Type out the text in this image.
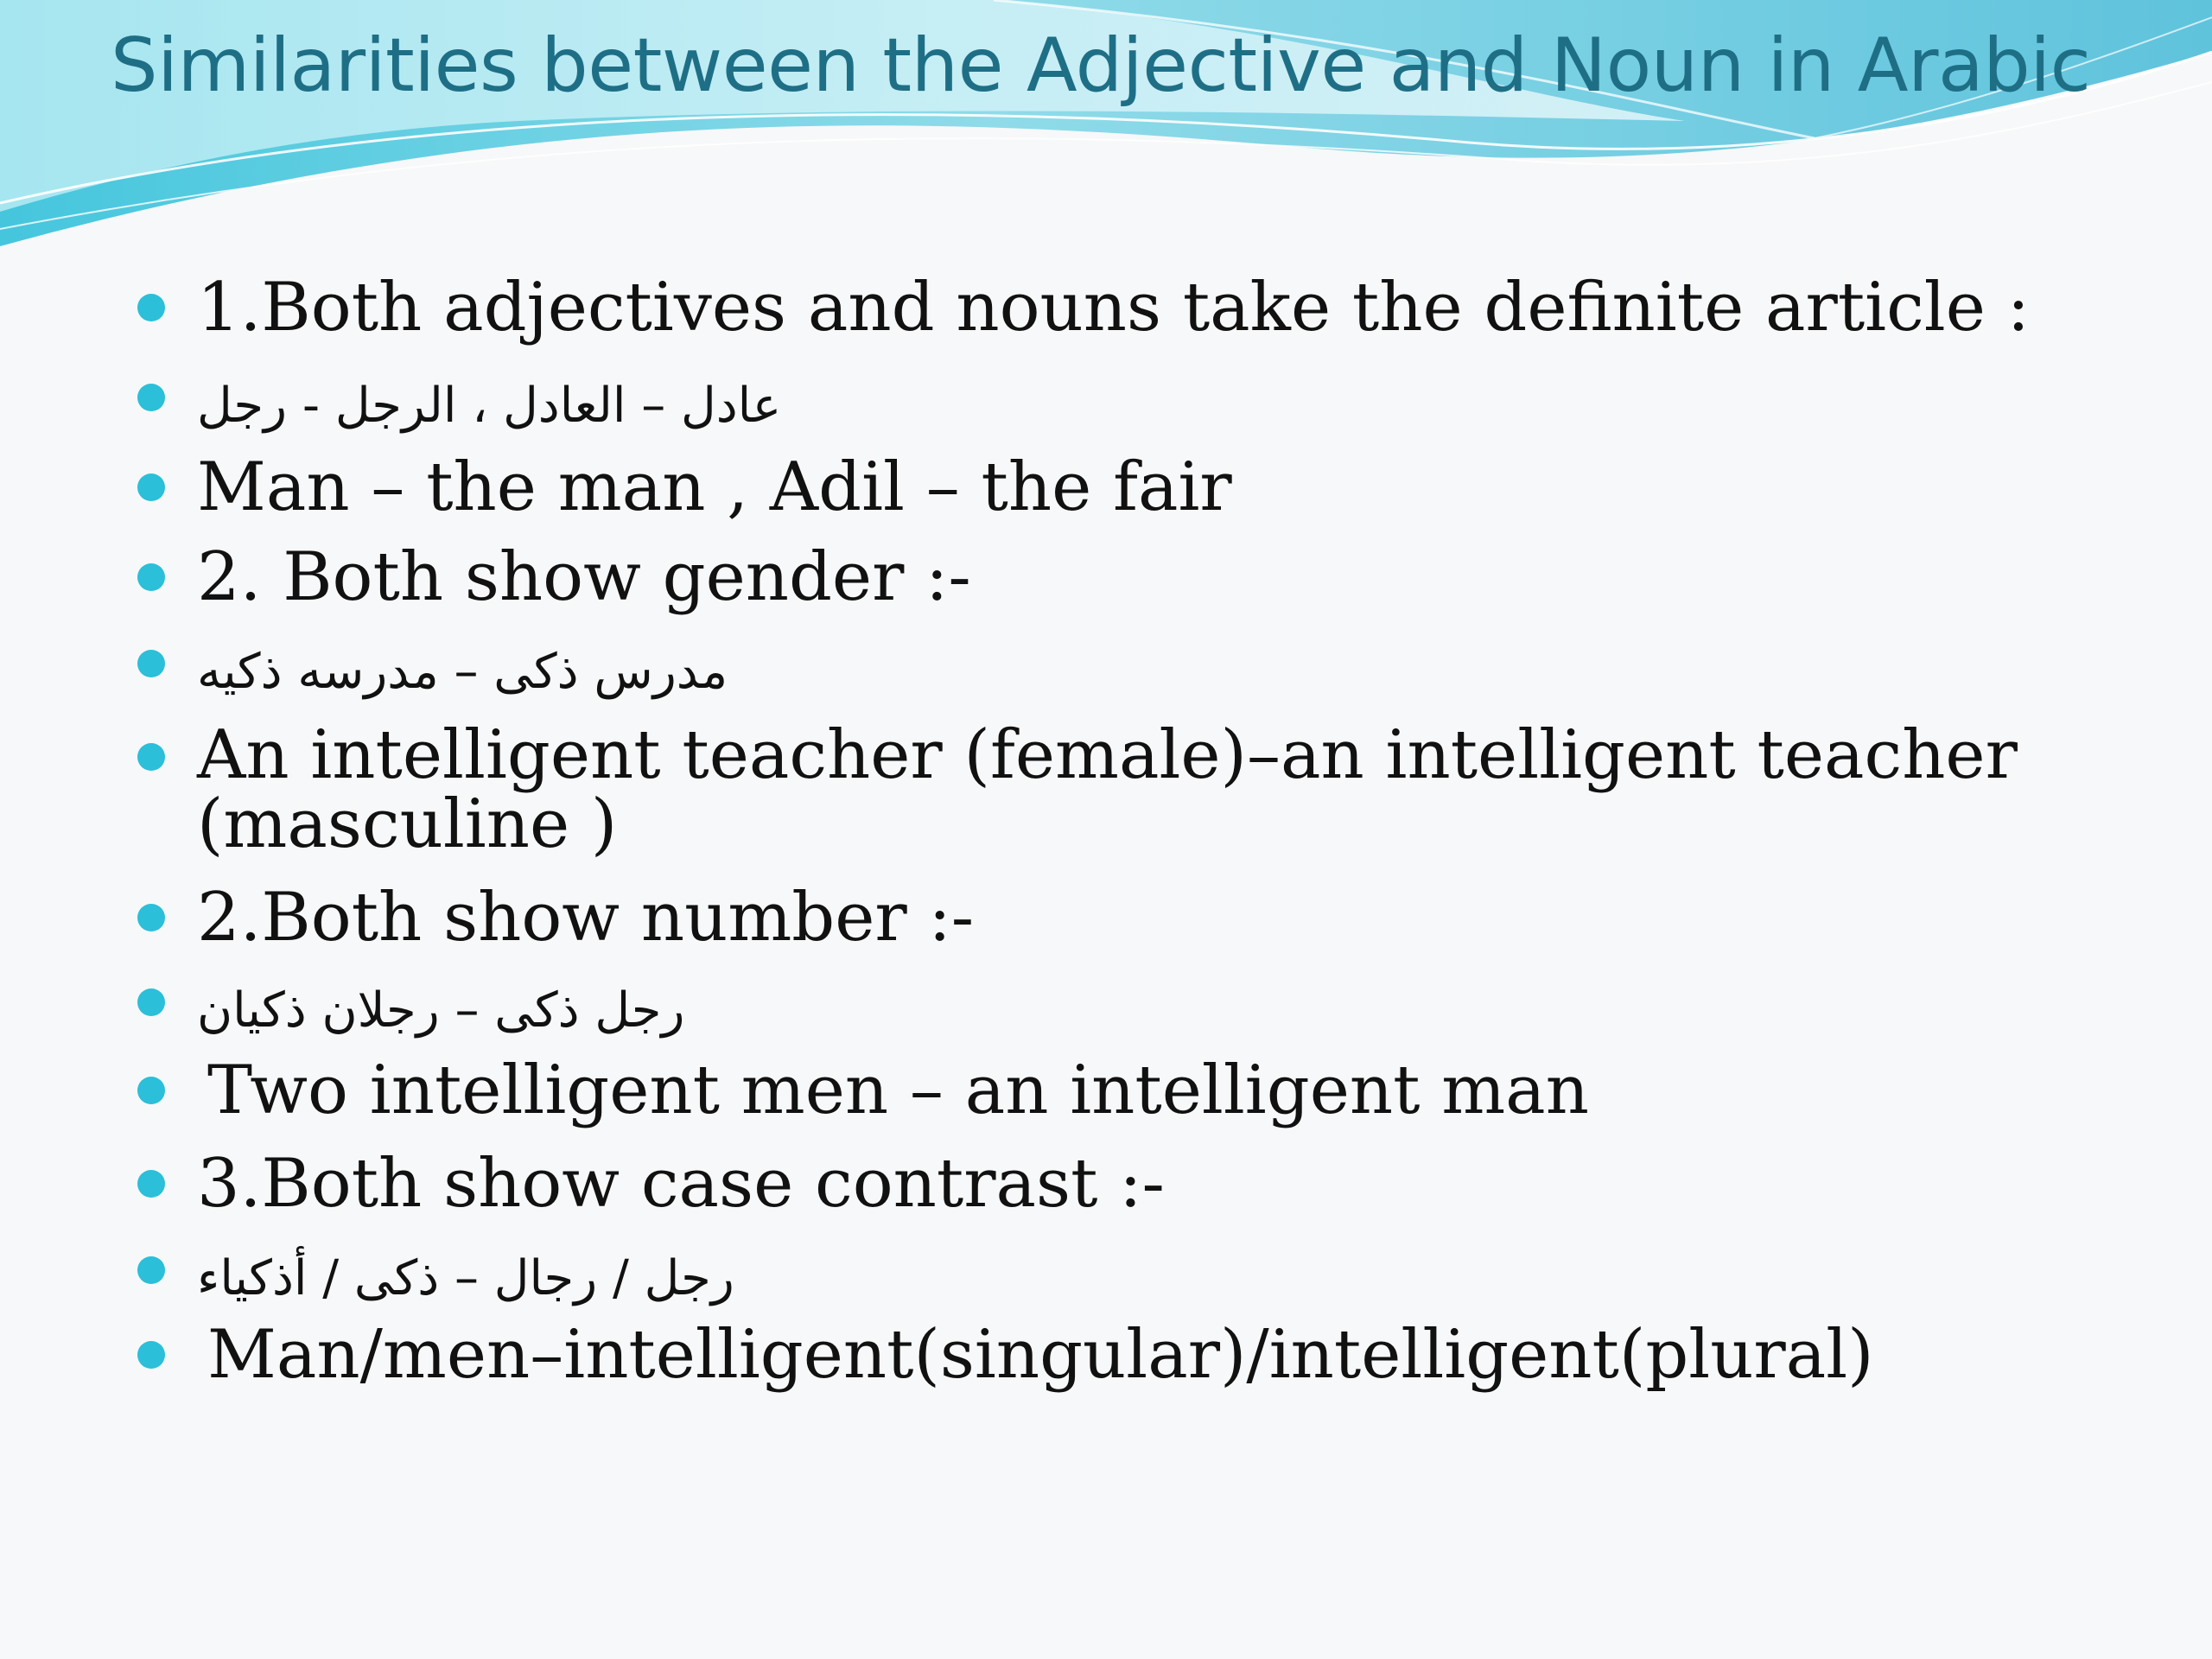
Similarities between the Adjective and Noun in Arabic
1.Both adjectives and nouns take the definite article :
عادل – العادل ، الرجل - رجل
Man – the man , Adil – the fair
2. Both show gender :-
مدرس ذكى – مدرسه ذكيه
An intelligent teacher (female)–an intelligent teacher (masculine )
2.Both show number :-
رجل ذكى – رجلان ذكيان
Two intelligent men – an intelligent man
3.Both show case contrast :-
رجل / رجال – ذكى / أذكياء
Man/men–intelligent(singular)/intelligent(plural)
